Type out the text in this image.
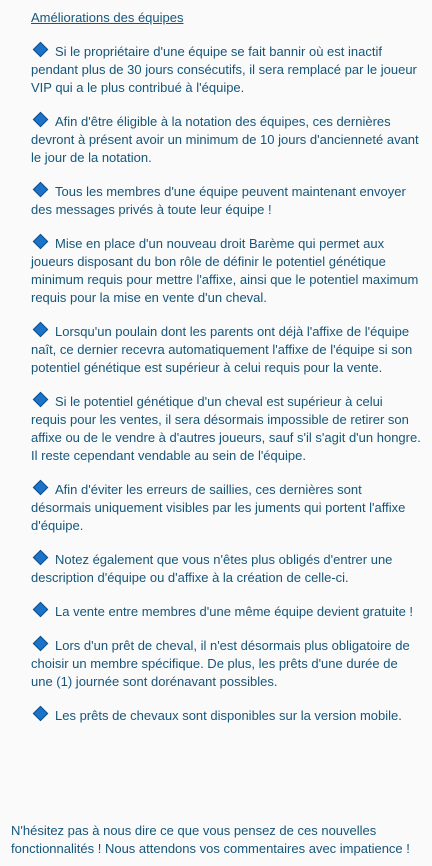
Améliorations des équipes
Si le propriétaire d'une équipe se fait bannir où est inactif pendant plus de 30 jours consécutifs, il sera remplacé par le joueur VIP qui a le plus contribué à l'équipe.
Afin d'être éligible à la notation des équipes, ces dernières devront à présent avoir un minimum de 10 jours d'ancienneté avant le jour de la notation.
Tous les membres d'une équipe peuvent maintenant envoyer des messages privés à toute leur équipe !
Mise en place d'un nouveau droit Barème qui permet aux joueurs disposant du bon rôle de définir le potentiel génétique minimum requis pour mettre l'affixe, ainsi que le potentiel maximum requis pour la mise en vente d'un cheval.
Lorsqu'un poulain dont les parents ont déjà l'affixe de l'équipe naît, ce dernier recevra automatiquement l'affixe de l'équipe si son potentiel génétique est supérieur à celui requis pour la vente.
Si le potentiel génétique d'un cheval est supérieur à celui requis pour les ventes, il sera désormais impossible de retirer son affixe ou de le vendre à d'autres joueurs, sauf s'il s'agit d'un hongre. Il reste cependant vendable au sein de l'équipe.
Afin d'éviter les erreurs de saillies, ces dernières sont désormais uniquement visibles par les juments qui portent l'affixe d'équipe.
Notez également que vous n'êtes plus obligés d'entrer une description d'équipe ou d'affixe à la création de celle-ci.
La vente entre membres d'une même équipe devient gratuite !
Lors d'un prêt de cheval, il n'est désormais plus obligatoire de choisir un membre spécifique. De plus, les prêts d'une durée de une (1) journée sont dorénavant possibles.
Les prêts de chevaux sont disponibles sur la version mobile.
N'hésitez pas à nous dire ce que vous pensez de ces nouvelles fonctionnalités ! Nous attendons vos commentaires avec impatience !
